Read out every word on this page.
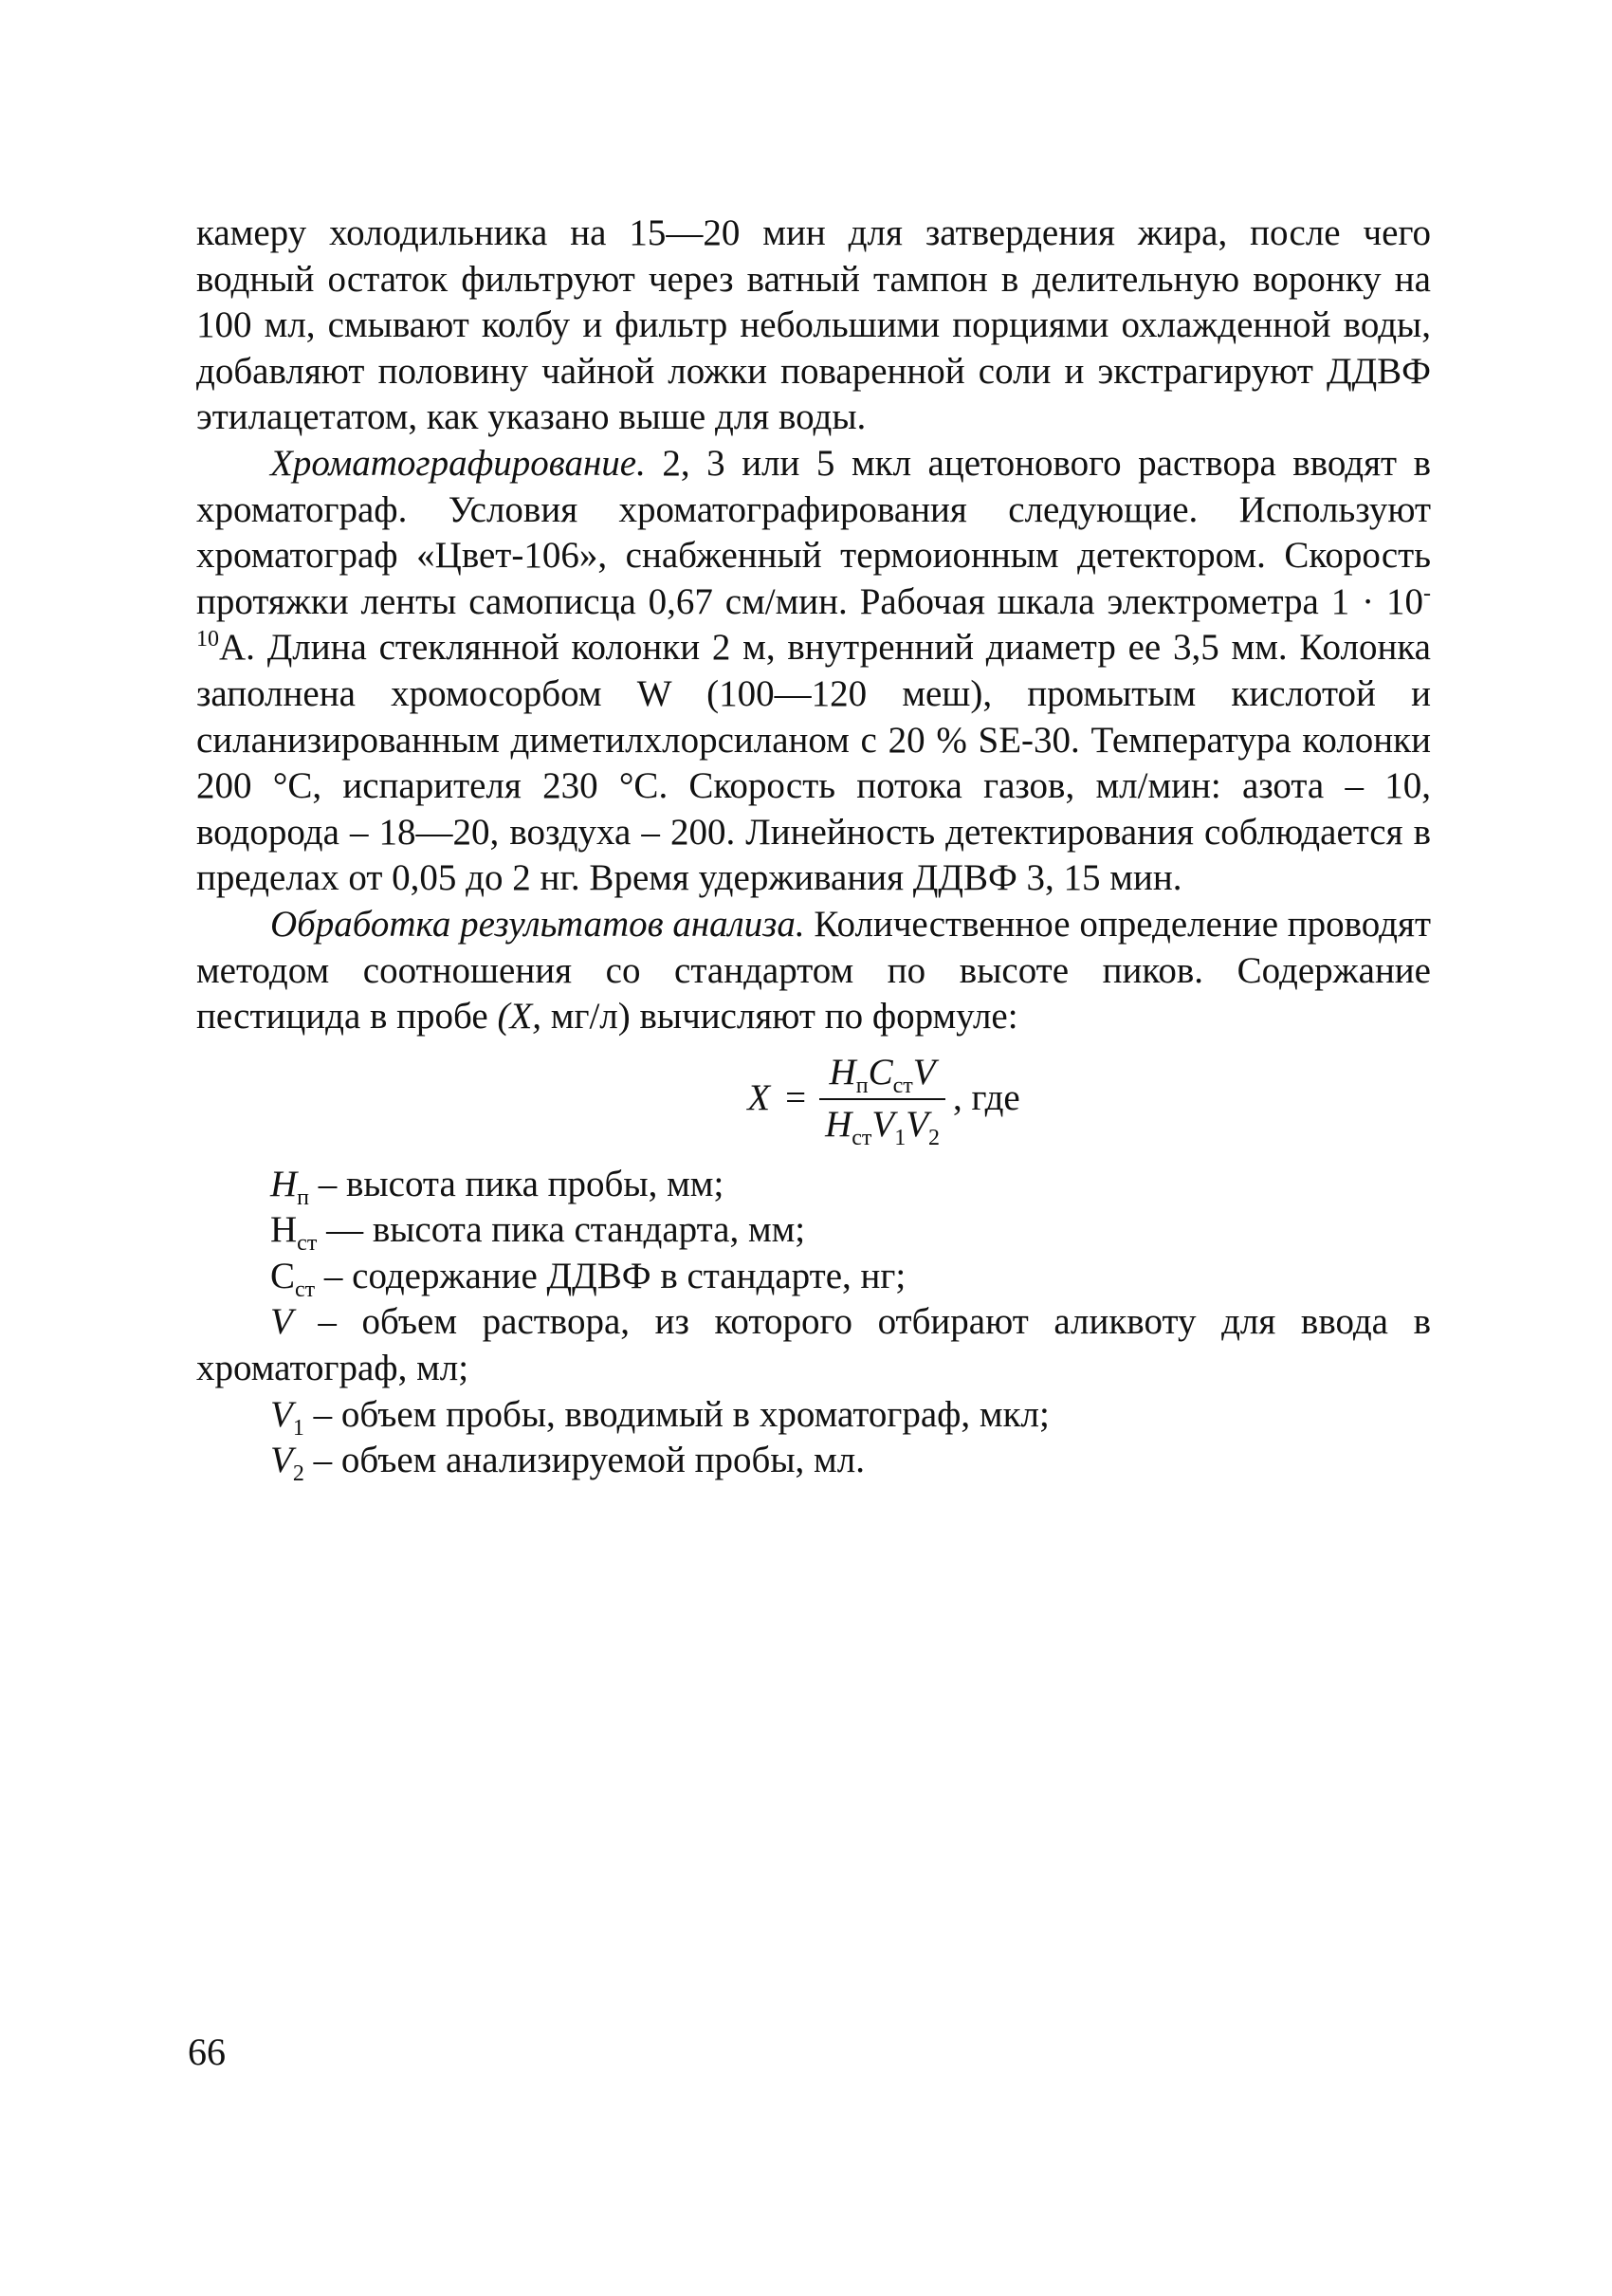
камеру холодильника на 15—20 мин для затвердения жира, после чего водный остаток фильтруют через ватный тампон в делительную воронку на 100 мл, смывают колбу и фильтр небольшими порциями охлажденной воды, добавляют половину чайной ложки поваренной соли и экстрагируют ДДВФ этилацетатом, как указано выше для воды.

Хроматографирование. 2, 3 или 5 мкл ацетонового раствора вводят в хроматограф. Условия хроматографирования следующие. Используют хроматограф «Цвет-106», снабженный термоионным детектором. Скорость протяжки ленты самописца 0,67 см/мин. Рабочая шкала электрометра $1 \cdot 10^{-10}А$. Длина стеклянной колонки 2 м, внутренний диаметр ее 3,5 мм. Колонка заполнена хромосорбом W (100—120 меш), промытым кислотой и силанизированным диметилхлорсиланом с 20 % SE-30. Температура колонки 200 °С, испарителя 230 °С. Скорость потока газов, мл/мин: азота – 10, водорода – 18—20, воздуха – 200. Линейность детектирования соблюдается в пределах от 0,05 до 2 нг. Время удерживания ДДВФ 3, 15 мин.

Обработка результатов анализа. Количественное определение проводят методом соотношения со стандартом по высоте пиков. Содержание пестицида в пробе (X, мг/л) вычисляют по формуле:

$X = \frac{H_пC_{ст}V}{H_{ст}V_1V_2}$ , где

$H_п$ – высота пика пробы, мм;

$Н_{ст}$ — высота пика стандарта, мм;

$С_{ст}$ – содержание ДДВФ в стандарте, нг;

V – объем раствора, из которого отбирают аликвоту для ввода в хроматограф, мл;

$V_1$ – объем пробы, вводимый в хроматограф, мкл;

$V_2$ – объем анализируемой пробы, мл.

66
